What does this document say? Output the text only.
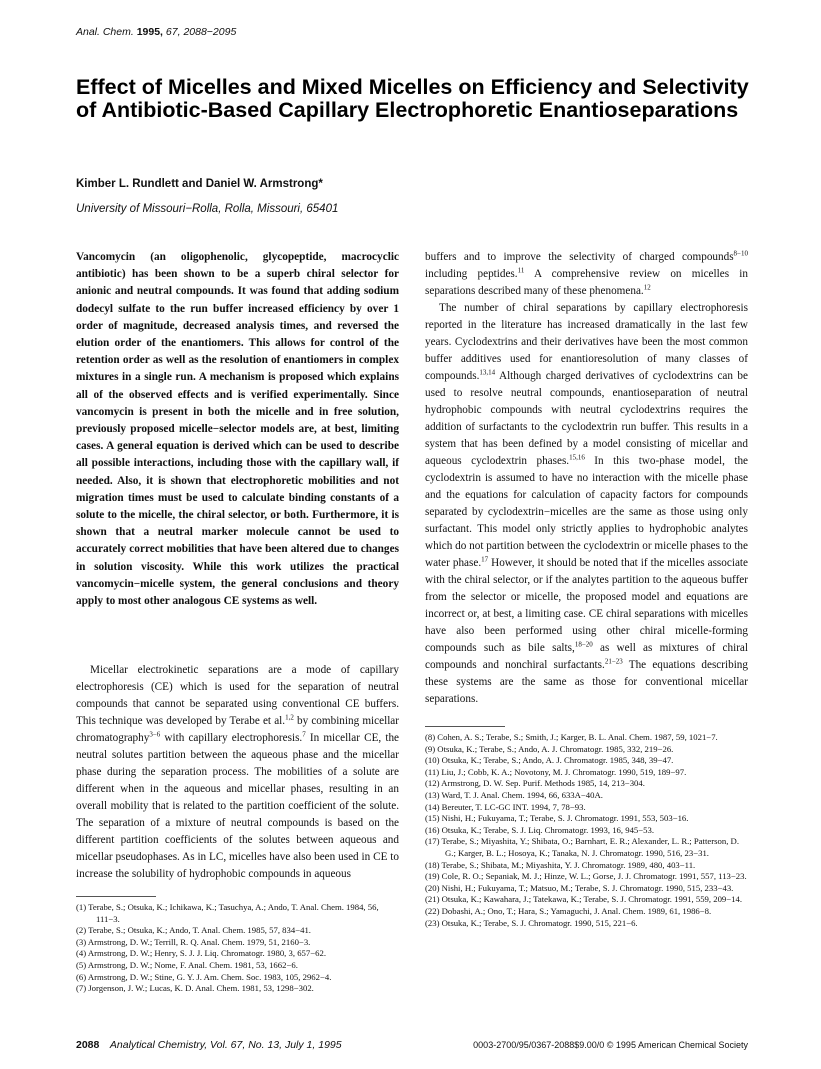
Anal. Chem. 1995, 67, 2088−2095
Effect of Micelles and Mixed Micelles on Efficiency and Selectivity of Antibiotic-Based Capillary Electrophoretic Enantioseparations
Kimber L. Rundlett and Daniel W. Armstrong*
University of Missouri−Rolla, Rolla, Missouri, 65401
Vancomycin (an oligophenolic, glycopeptide, macrocyclic antibiotic) has been shown to be a superb chiral selector for anionic and neutral compounds. It was found that adding sodium dodecyl sulfate to the run buffer increased efficiency by over 1 order of magnitude, decreased analysis times, and reversed the elution order of the enantiomers. This allows for control of the retention order as well as the resolution of enantiomers in complex mixtures in a single run. A mechanism is proposed which explains all of the observed effects and is verified experimentally. Since vancomycin is present in both the micelle and in free solution, previously proposed micelle−selector models are, at best, limiting cases. A general equation is derived which can be used to describe all possible interactions, including those with the capillary wall, if needed. Also, it is shown that electrophoretic mobilities and not migration times must be used to calculate binding constants of a solute to the micelle, the chiral selector, or both. Furthermore, it is shown that a neutral marker molecule cannot be used to accurately correct mobilities that have been altered due to changes in solution viscosity. While this work utilizes the practical vancomycin−micelle system, the general conclusions and theory apply to most other analogous CE systems as well.

Micellar electrokinetic separations are a mode of capillary electrophoresis (CE) which is used for the separation of neutral compounds that cannot be separated using conventional CE buffers. This technique was developed by Terabe et al.$^{1,2}$ by combining micellar chromatography$^{3-6}$ with capillary electrophoresis.$^7$ In micellar CE, the neutral solutes partition between the aqueous phase and the micellar phase during the separation process. The mobilities of a solute are different when in the aqueous and micellar phases, resulting in an overall mobility that is related to the partition coefficient of the solute. The separation of a mixture of neutral compounds is based on the different partition coefficients of the solutes between aqueous and micellar pseudophases. As in LC, micelles have also been used in CE to increase the solubility of hydrophobic compounds in aqueous

buffers and to improve the selectivity of charged compounds$^{8-10}$ including peptides.$^{11}$ A comprehensive review on micelles in separations described many of these phenomena.$^{12}$

The number of chiral separations by capillary electrophoresis reported in the literature has increased dramatically in the last few years. Cyclodextrins and their derivatives have been the most common buffer additives used for enantioresolution of many classes of compounds.$^{13,14}$ Although charged derivatives of cyclodextrins can be used to resolve neutral compounds, enantioseparation of neutral hydrophobic compounds with neutral cyclodextrins requires the addition of surfactants to the cyclodextrin run buffer. This results in a system that has been defined by a model consisting of micellar and aqueous cyclodextrin phases.$^{15,16}$ In this two-phase model, the cyclodextrin is assumed to have no interaction with the micelle phase and the equations for calculation of capacity factors for compounds separated by cyclodextrin−micelles are the same as those using only surfactant. This model only strictly applies to hydrophobic analytes which do not partition between the cyclodextrin or micelle phases to the water phase.$^{17}$ However, it should be noted that if the micelles associate with the chiral selector, or if the analytes partition to the aqueous buffer from the selector or micelle, the proposed model and equations are incorrect or, at best, a limiting case. CE chiral separations with micelles have also been performed using other chiral micelle-forming compounds such as bile salts,$^{18-20}$ as well as mixtures of chiral compounds and nonchiral surfactants.$^{21-23}$ The equations describing these systems are the same as those for conventional micellar separations.

(1) Terabe, S.; Otsuka, K.; Ichikawa, K.; Tasuchya, A.; Ando, T. Anal. Chem. 1984, 56, 111−3.
(2) Terabe, S.; Otsuka, K.; Ando, T. Anal. Chem. 1985, 57, 834−41.
(3) Armstrong, D. W.; Terrill, R. Q. Anal. Chem. 1979, 51, 2160−3.
(4) Armstrong, D. W.; Henry, S. J. J. Liq. Chromatogr. 1980, 3, 657−62.
(5) Armstrong, D. W.; Nome, F. Anal. Chem. 1981, 53, 1662−6.
(6) Armstrong, D. W.; Stine, G. Y. J. Am. Chem. Soc. 1983, 105, 2962−4.
(7) Jorgenson, J. W.; Lucas, K. D. Anal. Chem. 1981, 53, 1298−302.
(8) Cohen, A. S.; Terabe, S.; Smith, J.; Karger, B. L. Anal. Chem. 1987, 59, 1021−7.
(9) Otsuka, K.; Terabe, S.; Ando, A. J. Chromatogr. 1985, 332, 219−26.
(10) Otsuka, K.; Terabe, S.; Ando, A. J. Chromatogr. 1985, 348, 39−47.
(11) Liu, J.; Cobb, K. A.; Novotony, M. J. Chromatogr. 1990, 519, 189−97.
(12) Armstrong, D. W. Sep. Purif. Methods 1985, 14, 213−304.
(13) Ward, T. J. Anal. Chem. 1994, 66, 633A−40A.
(14) Bereuter, T. LC-GC INT. 1994, 7, 78−93.
(15) Nishi, H.; Fukuyama, T.; Terabe, S. J. Chromatogr. 1991, 553, 503−16.
(16) Otsuka, K.; Terabe, S. J. Liq. Chromatogr. 1993, 16, 945−53.
(17) Terabe, S.; Miyashita, Y.; Shibata, O.; Barnhart, E. R.; Alexander, L. R.; Patterson, D. G.; Karger, B. L.; Hosoya, K.; Tanaka, N. J. Chromatogr. 1990, 516, 23−31.
(18) Terabe, S.; Shibata, M.; Miyashita, Y. J. Chromatogr. 1989, 480, 403−11.
(19) Cole, R. O.; Sepaniak, M. J.; Hinze, W. L.; Gorse, J. J. Chromatogr. 1991, 557, 113−23.
(20) Nishi, H.; Fukuyama, T.; Matsuo, M.; Terabe, S. J. Chromatogr. 1990, 515, 233−43.
(21) Otsuka, K.; Kawahara, J.; Tatekawa, K.; Terabe, S. J. Chromatogr. 1991, 559, 209−14.
(22) Dobashi, A.; Ono, T.; Hara, S.; Yamaguchi, J. Anal. Chem. 1989, 61, 1986−8.
(23) Otsuka, K.; Terabe, S. J. Chromatogr. 1990, 515, 221−6.
2088 Analytical Chemistry, Vol. 67, No. 13, July 1, 1995	0003-2700/95/0367-2088$9.00/0 © 1995 American Chemical Society
